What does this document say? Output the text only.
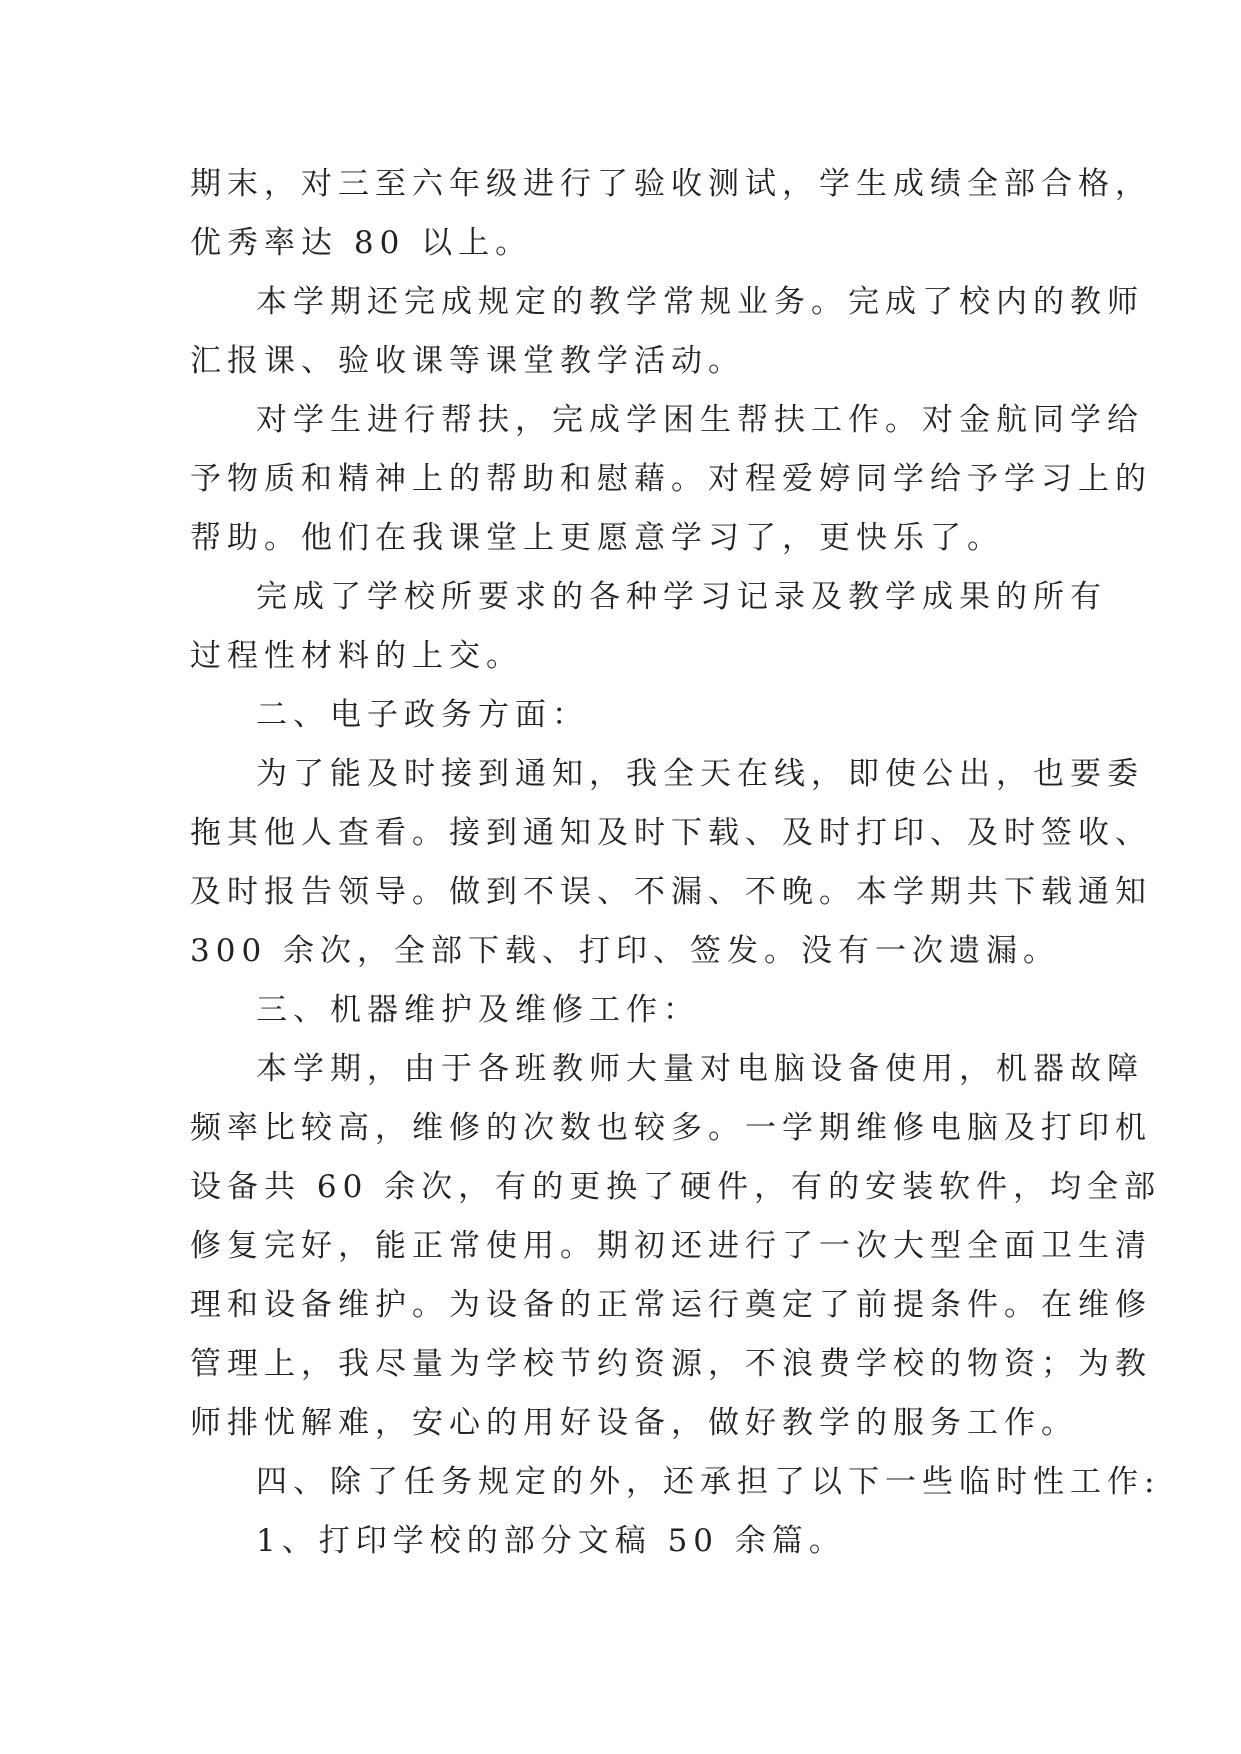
期末，对三至六年级进行了验收测试，学生成绩全部合格，
优秀率达 80 以上。
本学期还完成规定的教学常规业务。完成了校内的教师
汇报课、验收课等课堂教学活动。
对学生进行帮扶，完成学困生帮扶工作。对金航同学给
予物质和精神上的帮助和慰藉。对程爱婷同学给予学习上的
帮助。他们在我课堂上更愿意学习了，更快乐了。
完成了学校所要求的各种学习记录及教学成果的所有
过程性材料的上交。
二、电子政务方面：
为了能及时接到通知，我全天在线，即使公出，也要委
拖其他人查看。接到通知及时下载、及时打印、及时签收、
及时报告领导。做到不误、不漏、不晚。本学期共下载通知
300 余次，全部下载、打印、签发。没有一次遗漏。
三、机器维护及维修工作：
本学期，由于各班教师大量对电脑设备使用，机器故障
频率比较高，维修的次数也较多。一学期维修电脑及打印机
设备共 60 余次，有的更换了硬件，有的安装软件，均全部
修复完好，能正常使用。期初还进行了一次大型全面卫生清
理和设备维护。为设备的正常运行奠定了前提条件。在维修
管理上，我尽量为学校节约资源，不浪费学校的物资；为教
师排忧解难，安心的用好设备，做好教学的服务工作。
四、除了任务规定的外，还承担了以下一些临时性工作:
1、打印学校的部分文稿 50 余篇。
